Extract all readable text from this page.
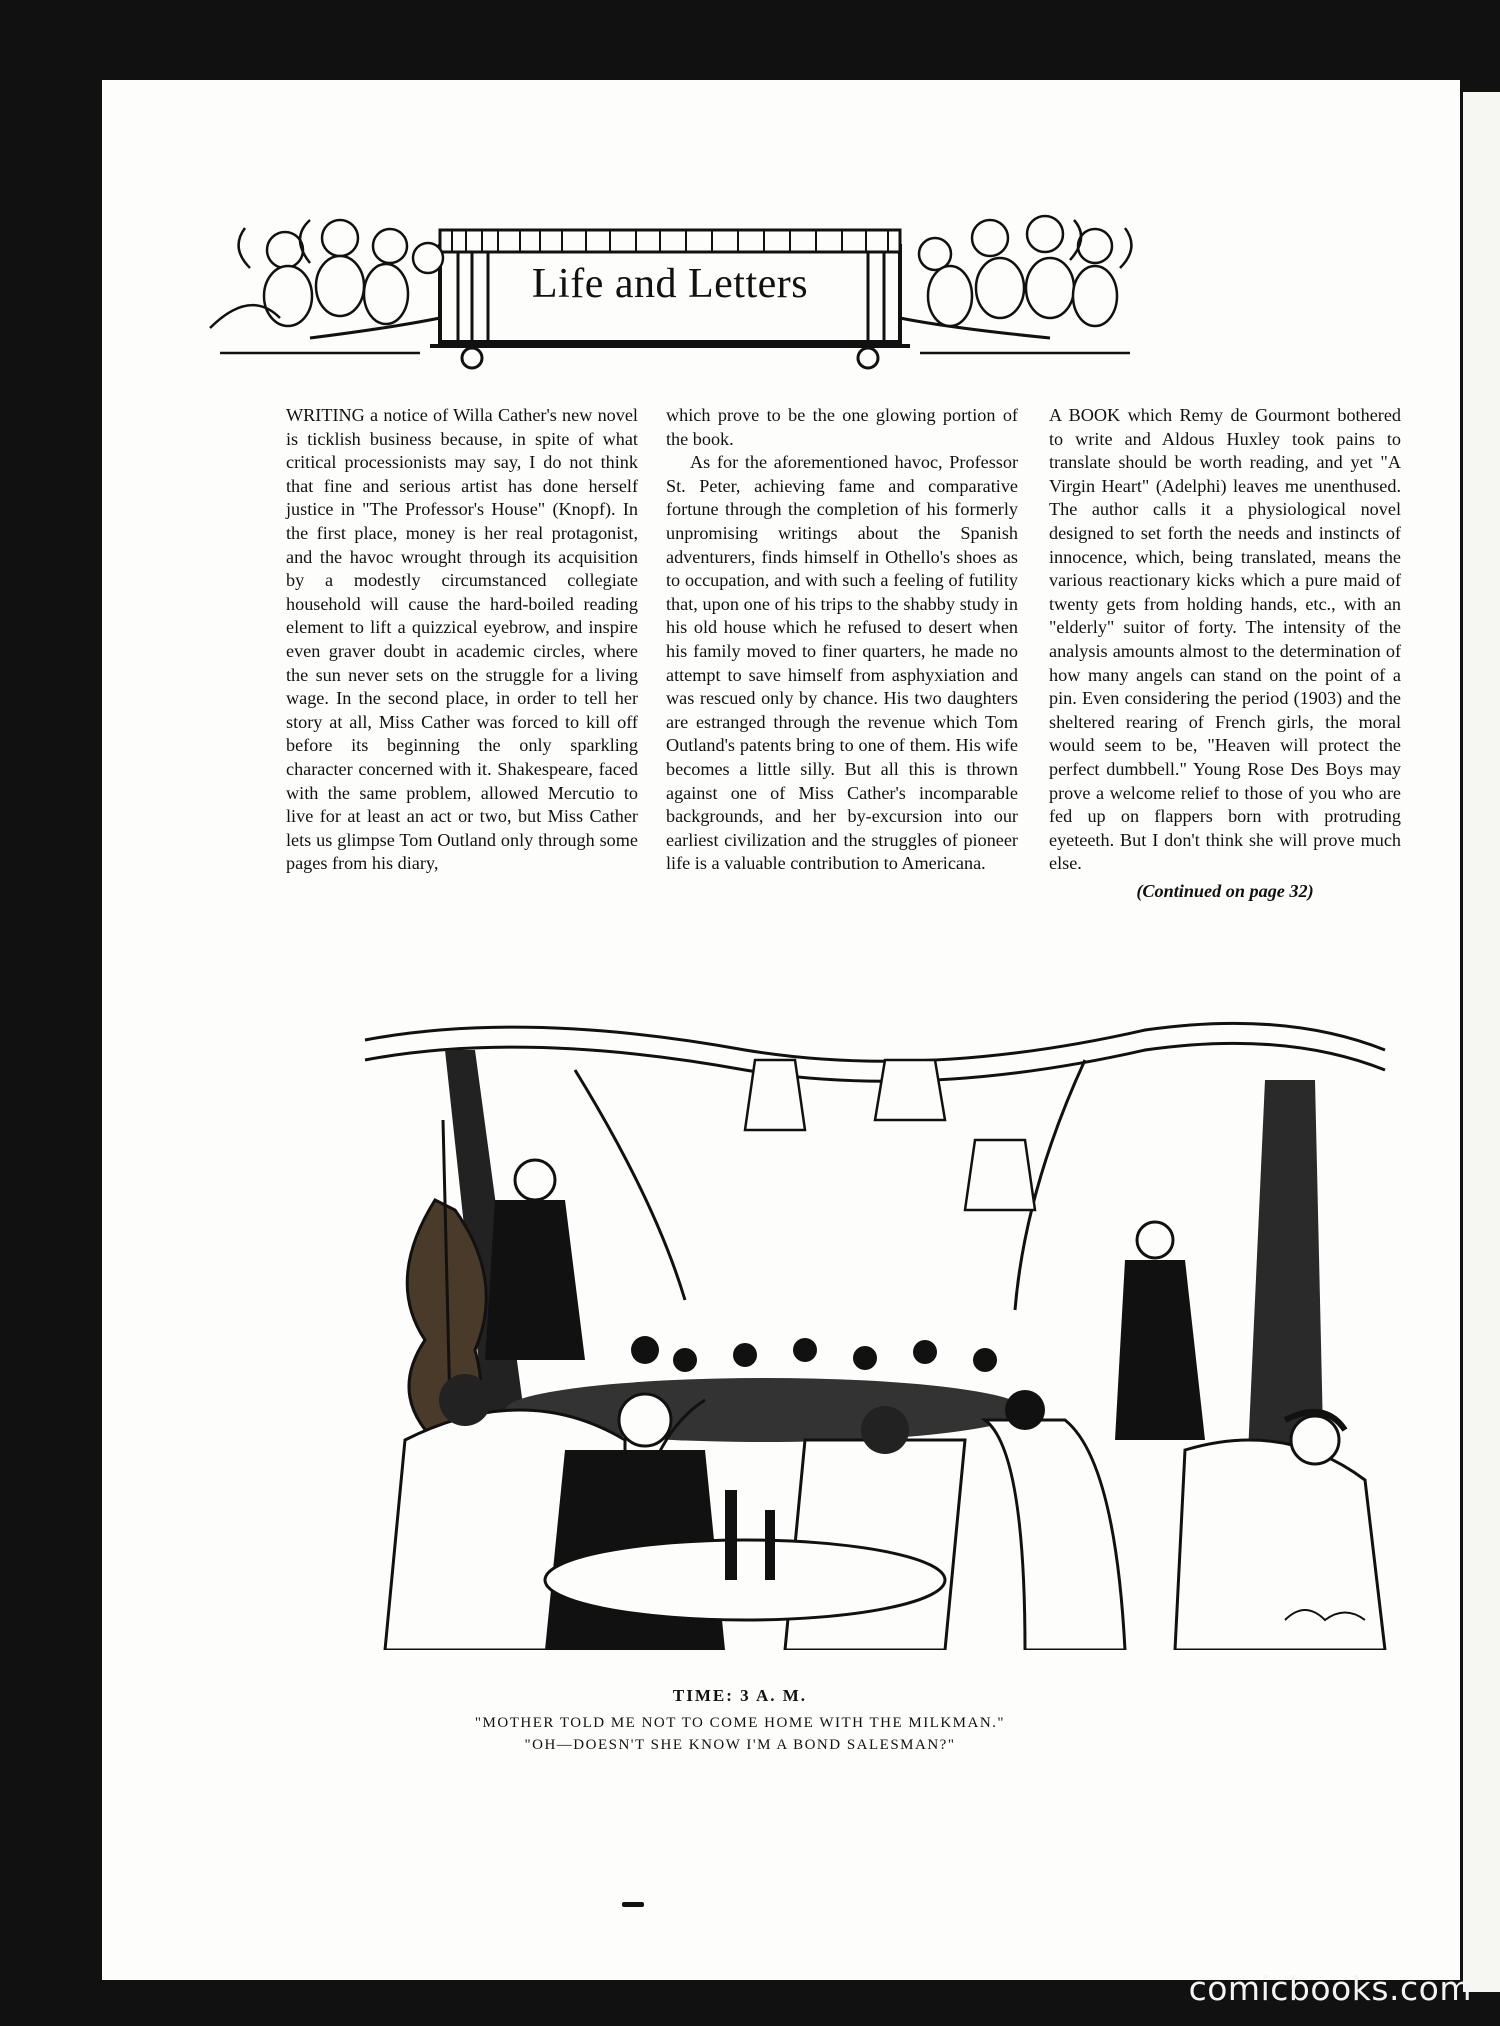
Life and Letters

WRITING a notice of Willa Cather's new novel is ticklish business because, in spite of what critical processionists may say, I do not think that fine and serious artist has done herself justice in "The Professor's House" (Knopf). In the first place, money is her real protagonist, and the havoc wrought through its acquisition by a modestly circumstanced collegiate household will cause the hard-boiled reading element to lift a quizzical eyebrow, and inspire even graver doubt in academic circles, where the sun never sets on the struggle for a living wage. In the second place, in order to tell her story at all, Miss Cather was forced to kill off before its beginning the only sparkling character concerned with it. Shakespeare, faced with the same problem, allowed Mercutio to live for at least an act or two, but Miss Cather lets us glimpse Tom Outland only through some pages from his diary,

which prove to be the one glowing portion of the book.

As for the aforementioned havoc, Professor St. Peter, achieving fame and comparative fortune through the completion of his formerly unpromising writings about the Spanish adventurers, finds himself in Othello's shoes as to occupation, and with such a feeling of futility that, upon one of his trips to the shabby study in his old house which he refused to desert when his family moved to finer quarters, he made no attempt to save himself from asphyxiation and was rescued only by chance. His two daughters are estranged through the revenue which Tom Outland's patents bring to one of them. His wife becomes a little silly. But all this is thrown against one of Miss Cather's incomparable backgrounds, and her by-excursion into our earliest civilization and the struggles of pioneer life is a valuable contribution to Americana.

A BOOK which Remy de Gourmont bothered to write and Aldous Huxley took pains to translate should be worth reading, and yet "A Virgin Heart" (Adelphi) leaves me unenthused. The author calls it a physiological novel designed to set forth the needs and instincts of innocence, which, being translated, means the various reactionary kicks which a pure maid of twenty gets from holding hands, etc., with an "elderly" suitor of forty. The intensity of the analysis amounts almost to the determination of how many angels can stand on the point of a pin. Even considering the period (1903) and the sheltered rearing of French girls, the moral would seem to be, "Heaven will protect the perfect dumbbell." Young Rose Des Boys may prove a welcome relief to those of you who are fed up on flappers born with protruding eyeteeth. But I don't think she will prove much else.

(Continued on page 32)

TIME: 3 A. M.
"MOTHER TOLD ME NOT TO COME HOME WITH THE MILKMAN."
"OH—DOESN'T SHE KNOW I'M A BOND SALESMAN?"
comicbooks.com
